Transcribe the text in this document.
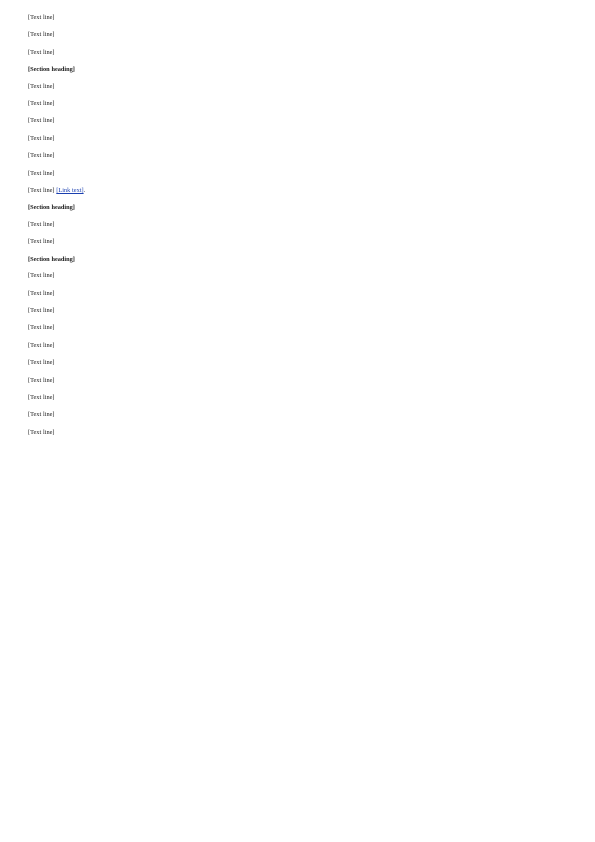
[Text line]

[Text line]

[Text line]

[Section heading]

[Text line]

[Text line]

[Text line]

[Text line]

[Text line]

[Text line]

[Text line] [Link text].

[Section heading]

[Text line]

[Text line]

[Section heading]

[Text line]

[Text line]

[Text line]

[Text line]

[Text line]

[Text line]

[Text line]

[Text line]

[Text line]

[Text line]
